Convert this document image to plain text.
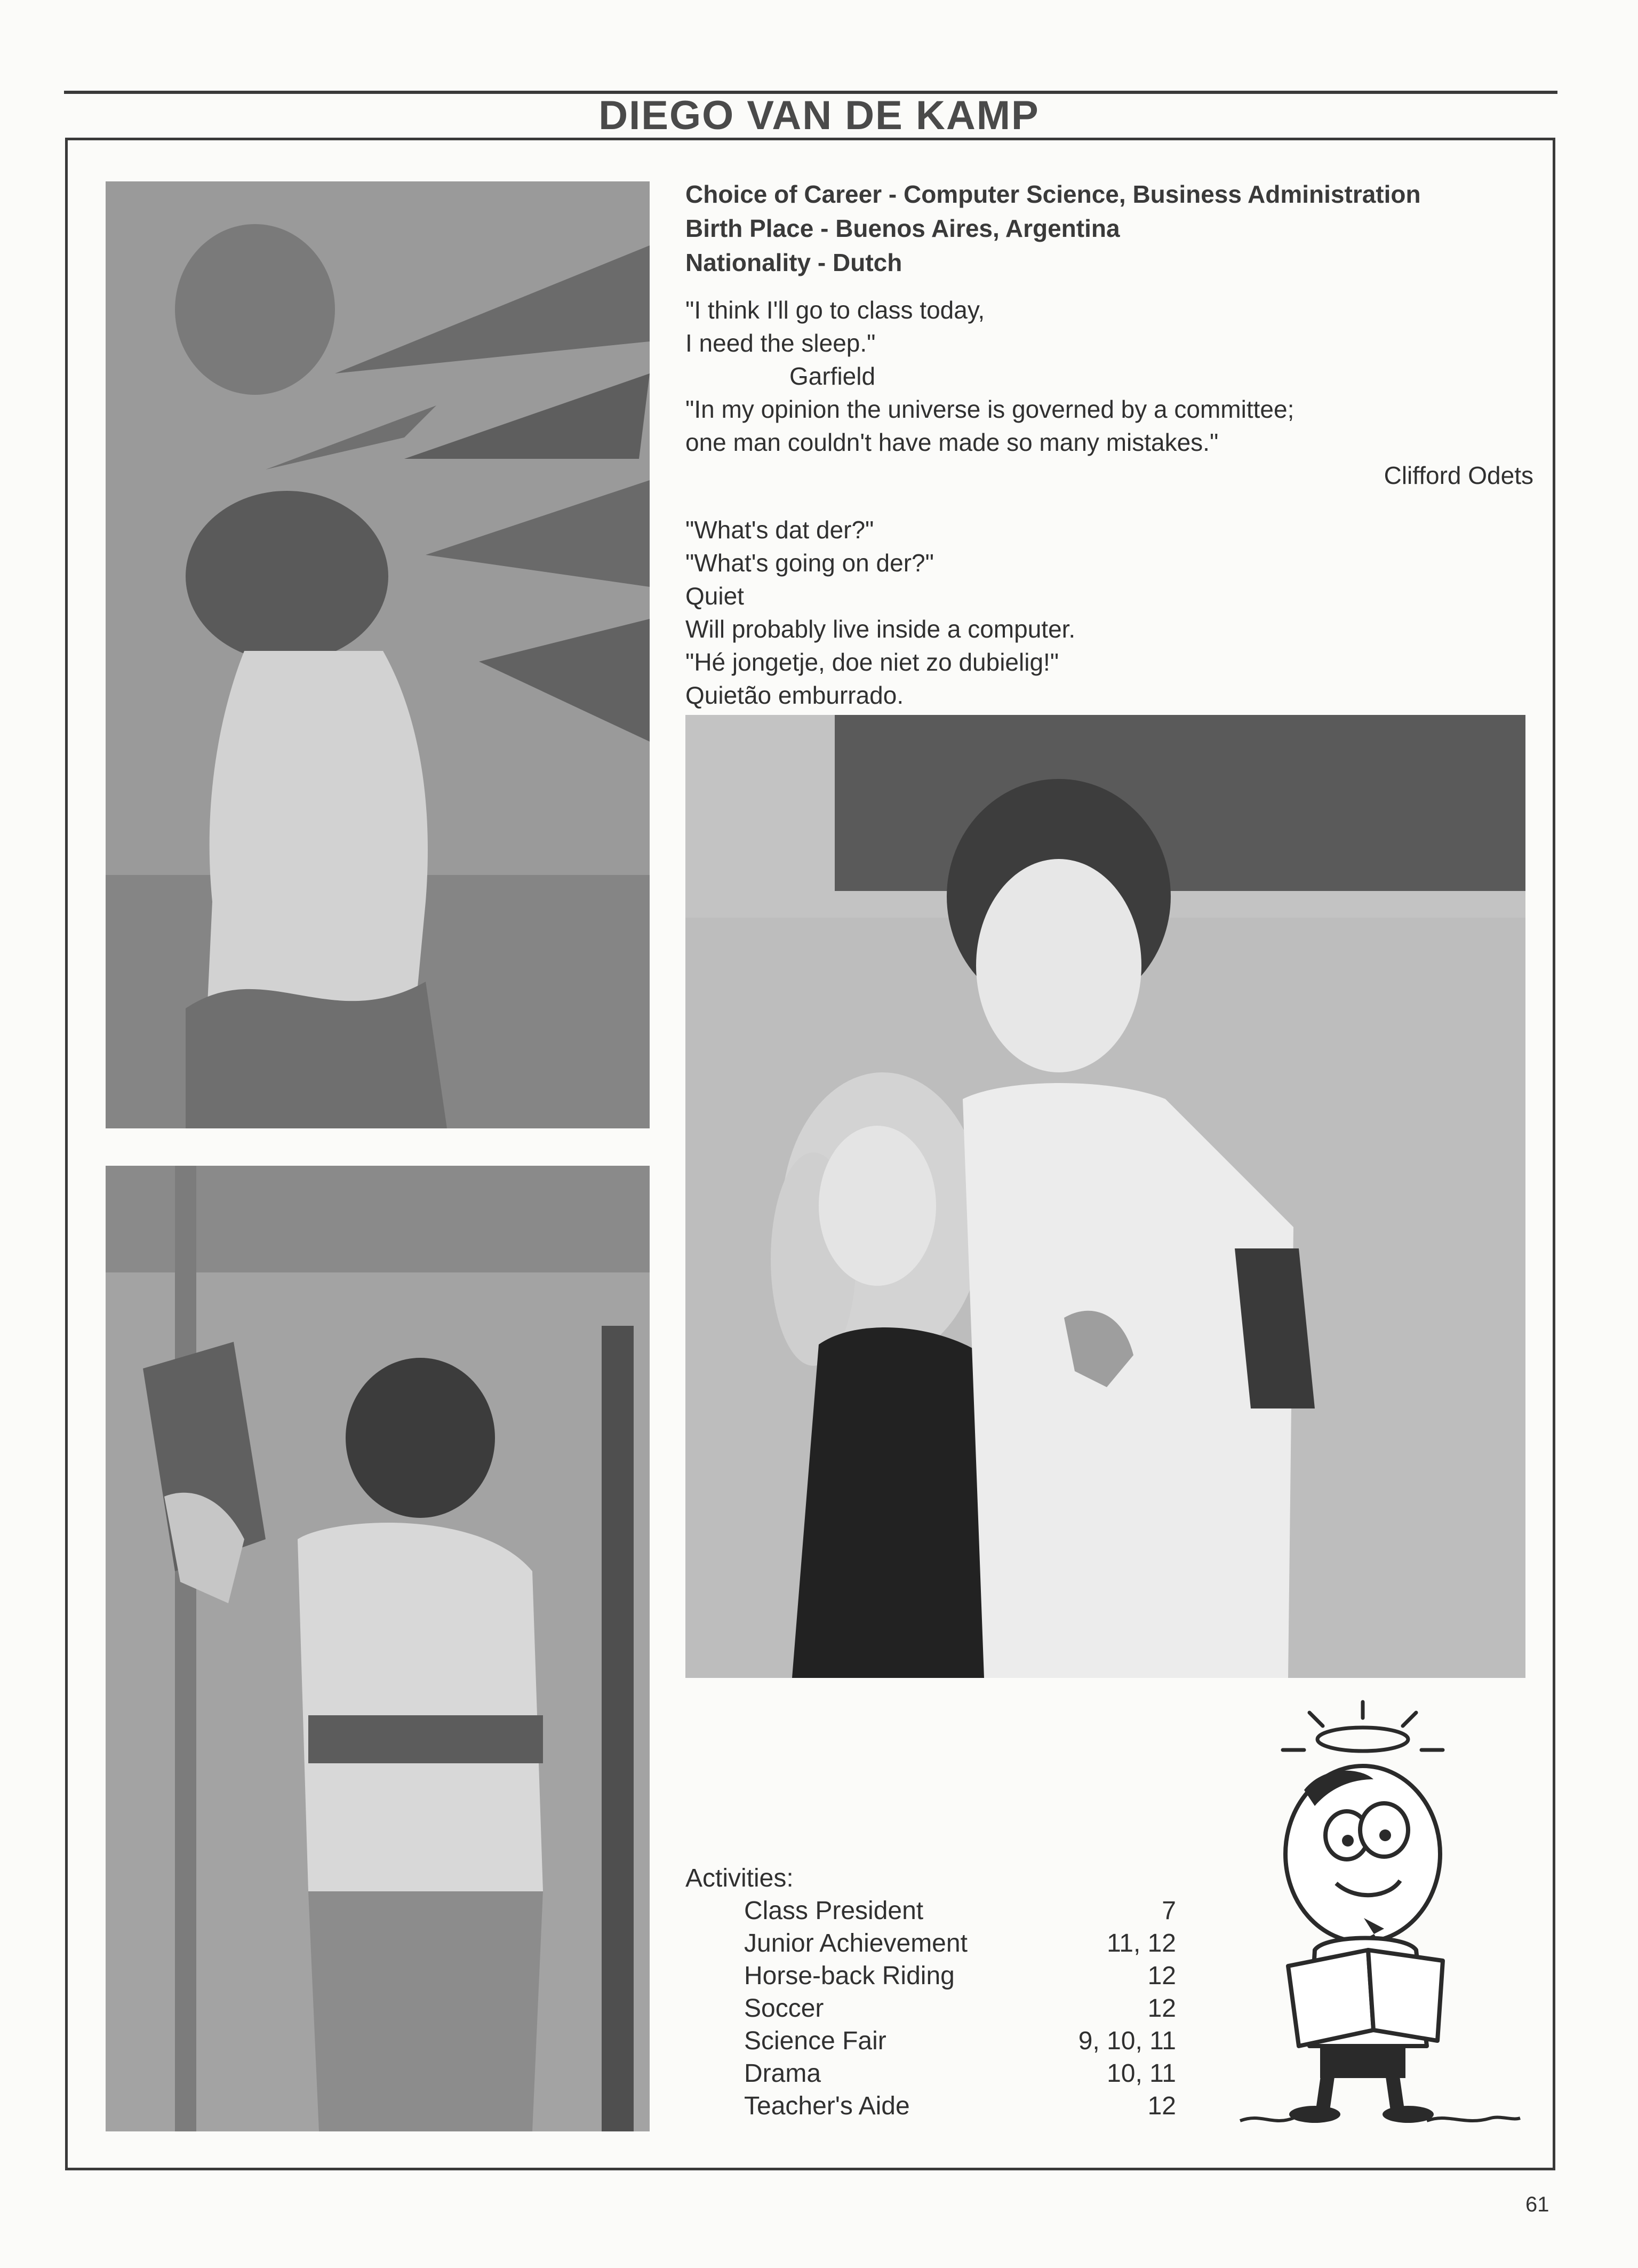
DIEGO VAN DE KAMP
Choice of Career - Computer Science, Business Administration
Birth Place - Buenos Aires, Argentina
Nationality - Dutch
"I think I'll go to class today,
I need the sleep."
Garfield
"In my opinion the universe is governed by a committee;
one man couldn't have made so many mistakes."
Clifford Odets
"What's dat der?"
"What's going on der?"
Quiet
Will probably live inside a computer.
"Hé jongetje, doe niet zo dubielig!"
Quietão emburrado.
Activities:
Class President	7
Junior Achievement	11, 12
Horse-back Riding	12
Soccer	12
Science Fair	9, 10, 11
Drama	10, 11
Teacher's Aide	12
61
